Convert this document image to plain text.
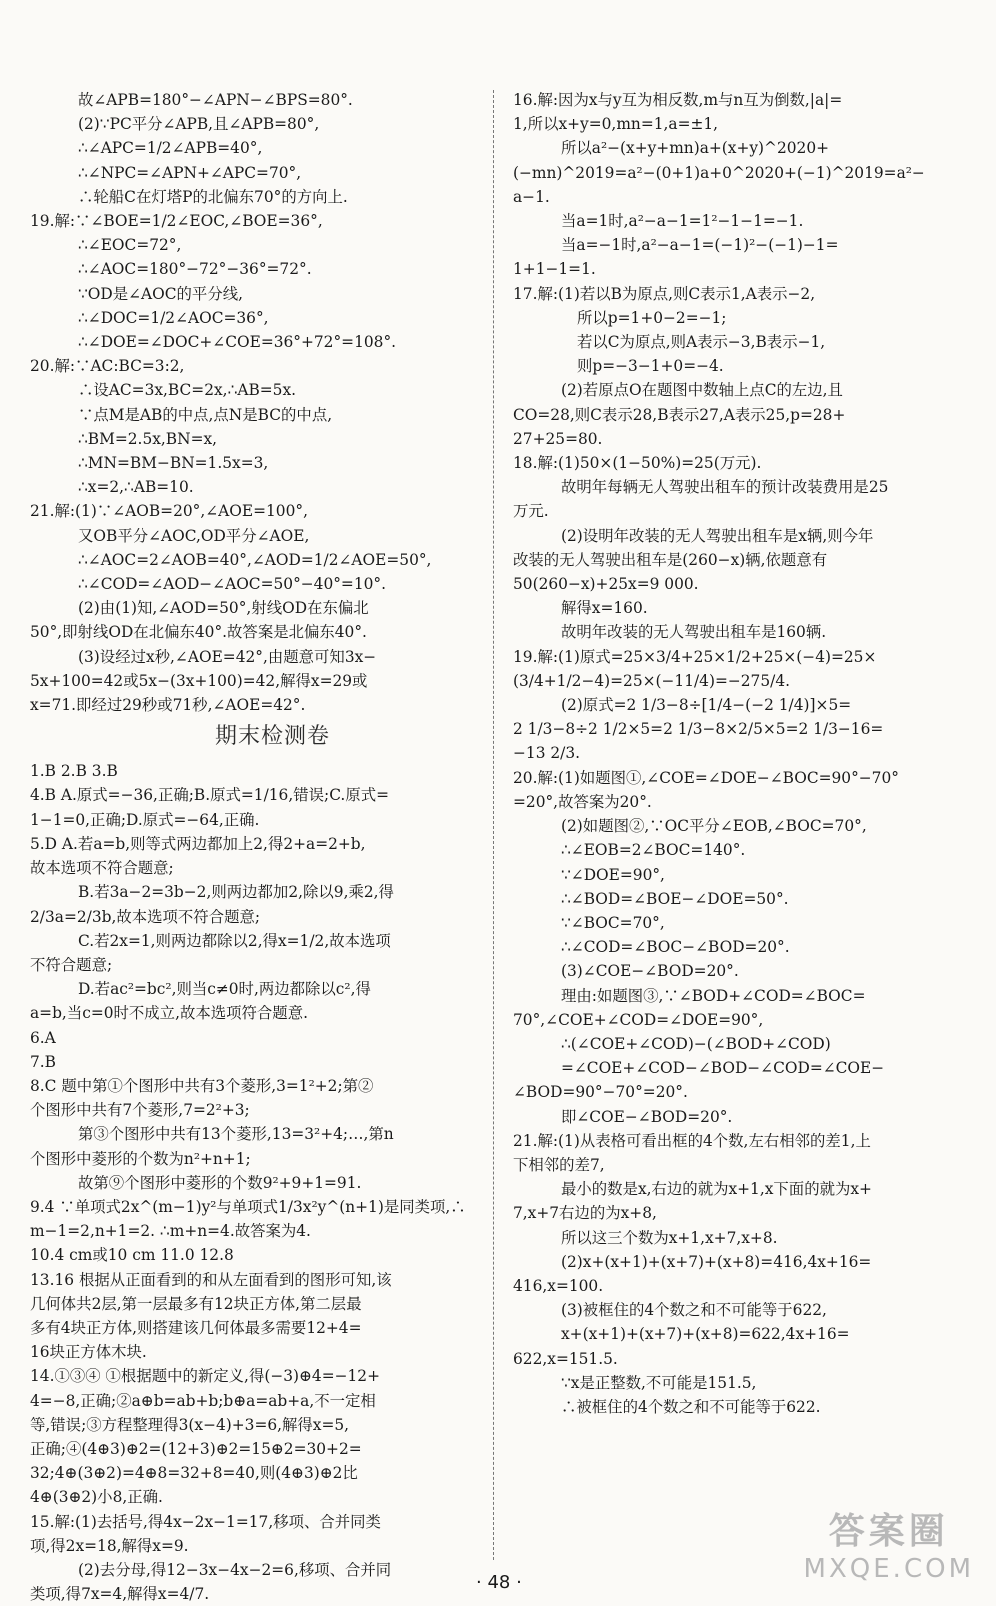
故∠APB=180°−∠APN−∠BPS=80°.
(2)∵PC平分∠APB,且∠APB=80°,
∴∠APC=1/2∠APB=40°,
∴∠NPC=∠APN+∠APC=70°,
∴轮船C在灯塔P的北偏东70°的方向上.
19.解:∵∠BOE=1/2∠EOC,∠BOE=36°,
∴∠EOC=72°,
∴∠AOC=180°−72°−36°=72°.
∵OD是∠AOC的平分线,
∴∠DOC=1/2∠AOC=36°,
∴∠DOE=∠DOC+∠COE=36°+72°=108°.
20.解:∵AC:BC=3:2,
∴设AC=3x,BC=2x,∴AB=5x.
∵点M是AB的中点,点N是BC的中点,
∴BM=2.5x,BN=x,
∴MN=BM−BN=1.5x=3,
∴x=2,∴AB=10.
21.解:(1)∵∠AOB=20°,∠AOE=100°,
又OB平分∠AOC,OD平分∠AOE,
∴∠AOC=2∠AOB=40°,∠AOD=1/2∠AOE=50°,
∴∠COD=∠AOD−∠AOC=50°−40°=10°.
(2)由(1)知,∠AOD=50°,射线OD在东偏北
50°,即射线OD在北偏东40°.故答案是北偏东40°.
(3)设经过x秒,∠AOE=42°,由题意可知3x−
5x+100=42或5x−(3x+100)=42,解得x=29或
x=71.即经过29秒或71秒,∠AOE=42°.
期末检测卷
1.B 2.B 3.B
4.B A.原式=−36,正确;B.原式=1/16,错误;C.原式=
1−1=0,正确;D.原式=−64,正确.
5.D A.若a=b,则等式两边都加上2,得2+a=2+b,
故本选项不符合题意;
B.若3a−2=3b−2,则两边都加2,除以9,乘2,得
2/3a=2/3b,故本选项不符合题意;
C.若2x=1,则两边都除以2,得x=1/2,故本选项
不符合题意;
D.若ac²=bc²,则当c≠0时,两边都除以c²,得
a=b,当c=0时不成立,故本选项符合题意.
6.A
7.B
8.C 题中第①个图形中共有3个菱形,3=1²+2;第②
个图形中共有7个菱形,7=2²+3;
第③个图形中共有13个菱形,13=3²+4;…,第n
个图形中菱形的个数为n²+n+1;
故第⑨个图形中菱形的个数9²+9+1=91.
9.4 ∵单项式2x^(m−1)y²与单项式1/3x²y^(n+1)是同类项,∴
m−1=2,n+1=2. ∴m+n=4.故答案为4.
10.4 cm或10 cm 11.0 12.8
13.16 根据从正面看到的和从左面看到的图形可知,该
几何体共2层,第一层最多有12块正方体,第二层最
多有4块正方体,则搭建该几何体最多需要12+4=
16块正方体木块.
14.①③④ ①根据题中的新定义,得(−3)⊕4=−12+
4=−8,正确;②a⊕b=ab+b;b⊕a=ab+a,不一定相
等,错误;③方程整理得3(x−4)+3=6,解得x=5,
正确;④(4⊕3)⊕2=(12+3)⊕2=15⊕2=30+2=
32;4⊕(3⊕2)=4⊕8=32+8=40,则(4⊕3)⊕2比
4⊕(3⊕2)小8,正确.
15.解:(1)去括号,得4x−2x−1=17,移项、合并同类
项,得2x=18,解得x=9.
(2)去分母,得12−3x−4x−2=6,移项、合并同
类项,得7x=4,解得x=4/7.
16.解:因为x与y互为相反数,m与n互为倒数,|a|=
1,所以x+y=0,mn=1,a=±1,
所以a²−(x+y+mn)a+(x+y)^2020+
(−mn)^2019=a²−(0+1)a+0^2020+(−1)^2019=a²−
a−1.
当a=1时,a²−a−1=1²−1−1=−1.
当a=−1时,a²−a−1=(−1)²−(−1)−1=
1+1−1=1.
17.解:(1)若以B为原点,则C表示1,A表示−2,
所以p=1+0−2=−1;
若以C为原点,则A表示−3,B表示−1,
则p=−3−1+0=−4.
(2)若原点O在题图中数轴上点C的左边,且
CO=28,则C表示28,B表示27,A表示25,p=28+
27+25=80.
18.解:(1)50×(1−50%)=25(万元).
故明年每辆无人驾驶出租车的预计改装费用是25
万元.
(2)设明年改装的无人驾驶出租车是x辆,则今年
改装的无人驾驶出租车是(260−x)辆,依题意有
50(260−x)+25x=9 000.
解得x=160.
故明年改装的无人驾驶出租车是160辆.
19.解:(1)原式=25×3/4+25×1/2+25×(−4)=25×
(3/4+1/2−4)=25×(−11/4)=−275/4.
(2)原式=2 1/3−8÷[1/4−(−2 1/4)]×5=
2 1/3−8÷2 1/2×5=2 1/3−8×2/5×5=2 1/3−16=
−13 2/3.
20.解:(1)如题图①,∠COE=∠DOE−∠BOC=90°−70°
=20°,故答案为20°.
(2)如题图②,∵OC平分∠EOB,∠BOC=70°,
∴∠EOB=2∠BOC=140°.
∵∠DOE=90°,
∴∠BOD=∠BOE−∠DOE=50°.
∵∠BOC=70°,
∴∠COD=∠BOC−∠BOD=20°.
(3)∠COE−∠BOD=20°.
理由:如题图③,∵∠BOD+∠COD=∠BOC=
70°,∠COE+∠COD=∠DOE=90°,
∴(∠COE+∠COD)−(∠BOD+∠COD)
=∠COE+∠COD−∠BOD−∠COD=∠COE−
∠BOD=90°−70°=20°.
即∠COE−∠BOD=20°.
21.解:(1)从表格可看出框的4个数,左右相邻的差1,上
下相邻的差7,
最小的数是x,右边的就为x+1,x下面的就为x+
7,x+7右边的为x+8,
所以这三个数为x+1,x+7,x+8.
(2)x+(x+1)+(x+7)+(x+8)=416,4x+16=
416,x=100.
(3)被框住的4个数之和不可能等于622,
x+(x+1)+(x+7)+(x+8)=622,4x+16=
622,x=151.5.
∵x是正整数,不可能是151.5,
∴被框住的4个数之和不可能等于622.
· 48 ·
答案圈
MXQE.COM
